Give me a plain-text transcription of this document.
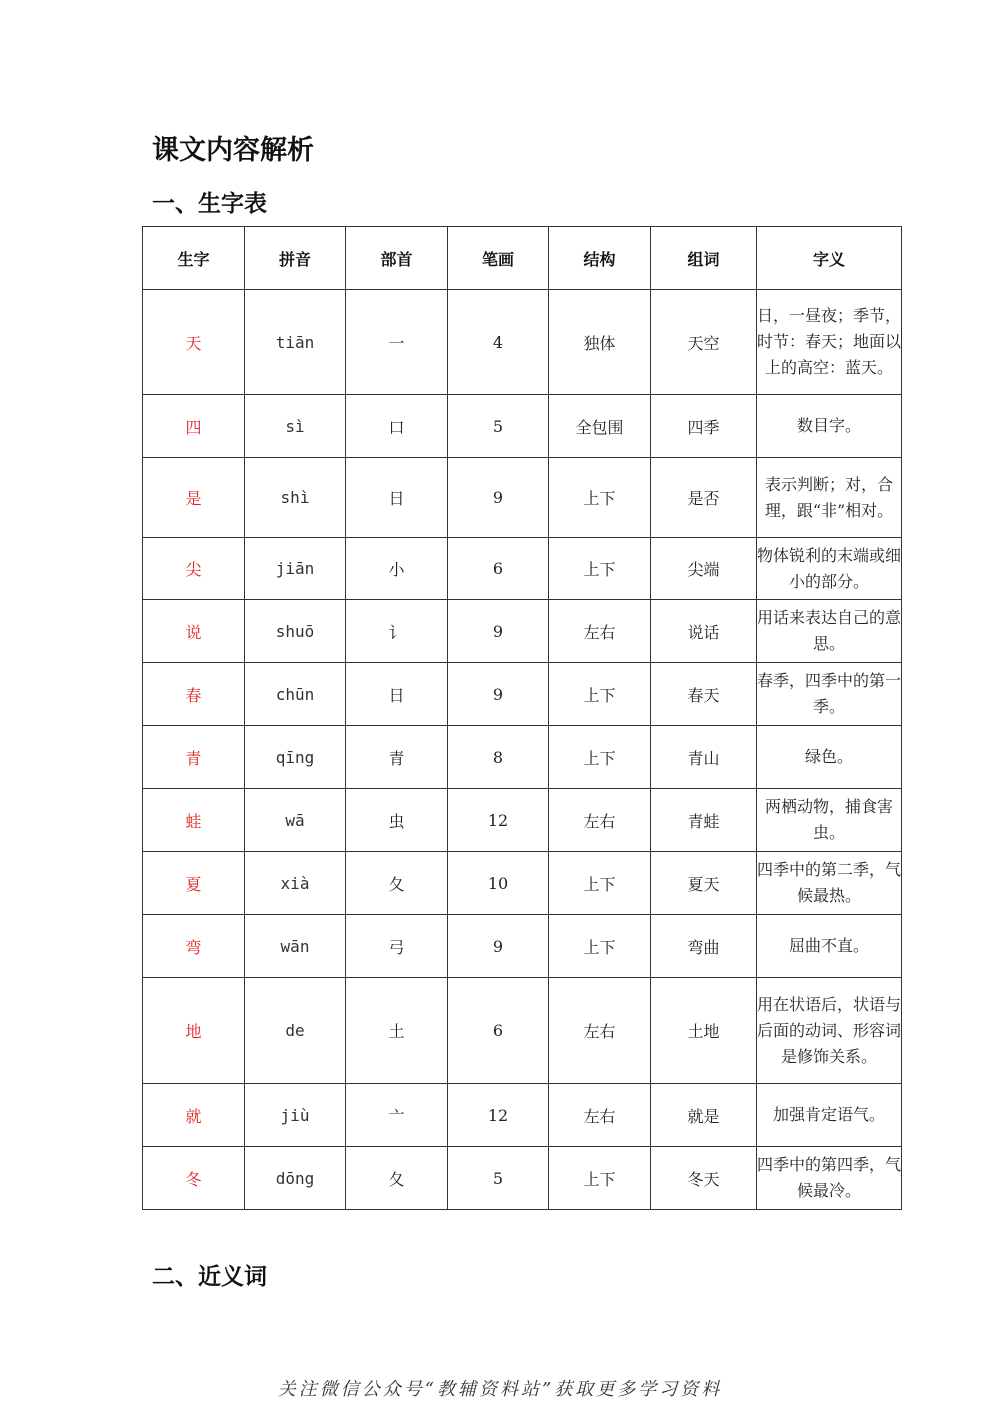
课文内容解析
一、生字表
生字	拼音	部首	笔画	结构	组词	字义
天	tiān	一	4	独体	天空	日，一昼夜；季节，时节：春天；地面以上的高空：蓝天。
四	sì	口	5	全包围	四季	数目字。
是	shì	日	9	上下	是否	表示判断；对，合理，跟“非”相对。
尖	jiān	小	6	上下	尖端	物体锐利的末端或细小的部分。
说	shuō	讠	9	左右	说话	用话来表达自己的意思。
春	chūn	日	9	上下	春天	春季，四季中的第一季。
青	qīng	青	8	上下	青山	绿色。
蛙	wā	虫	12	左右	青蛙	两栖动物，捕食害虫。
夏	xià	夂	10	上下	夏天	四季中的第二季，气候最热。
弯	wān	弓	9	上下	弯曲	屈曲不直。
地	de	土	6	左右	土地	用在状语后，状语与后面的动词、形容词是修饰关系。
就	jiù	亠	12	左右	就是	加强肯定语气。
冬	dōng	夂	5	上下	冬天	四季中的第四季，气候最冷。
二、近义词
关注微信公众号“教辅资料站”获取更多学习资料
